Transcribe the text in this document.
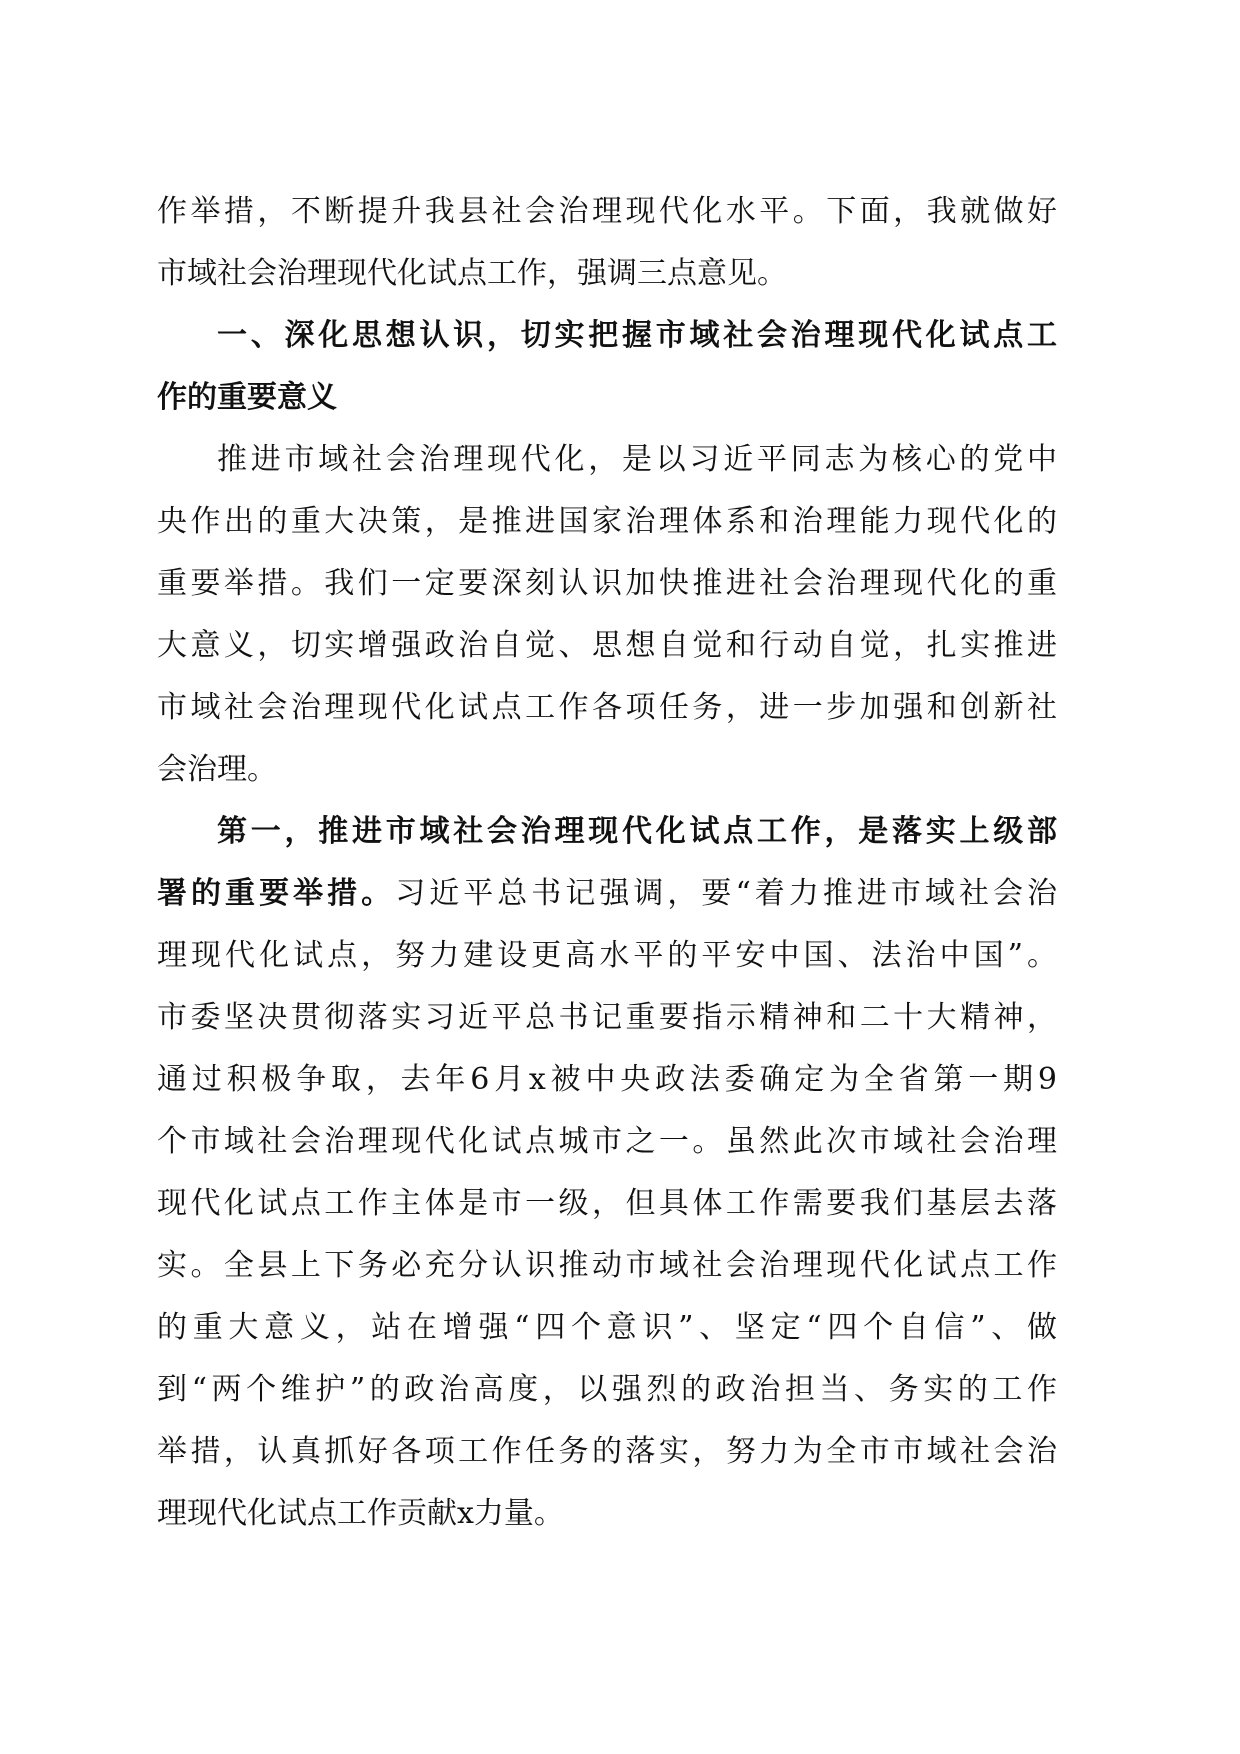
作举措，不断提升我县社会治理现代化水平。下面，我就做好
市域社会治理现代化试点工作，强调三点意见。
一、深化思想认识，切实把握市域社会治理现代化试点工
作的重要意义
推进市域社会治理现代化，是以习近平同志为核心的党中
央作出的重大决策，是推进国家治理体系和治理能力现代化的
重要举措。我们一定要深刻认识加快推进社会治理现代化的重
大意义，切实增强政治自觉、思想自觉和行动自觉，扎实推进
市域社会治理现代化试点工作各项任务，进一步加强和创新社
会治理。
第一，推进市域社会治理现代化试点工作，是落实上级部
署的重要举措。习近平总书记强调，要“着力推进市域社会治
理现代化试点，努力建设更高水平的平安中国、法治中国”。
市委坚决贯彻落实习近平总书记重要指示精神和二十大精神，
通过积极争取，去年6月x被中央政法委确定为全省第一期9
个市域社会治理现代化试点城市之一。虽然此次市域社会治理
现代化试点工作主体是市一级，但具体工作需要我们基层去落
实。全县上下务必充分认识推动市域社会治理现代化试点工作
的重大意义，站在增强“四个意识”、坚定“四个自信”、做
到“两个维护”的政治高度，以强烈的政治担当、务实的工作
举措，认真抓好各项工作任务的落实，努力为全市市域社会治
理现代化试点工作贡献x力量。
